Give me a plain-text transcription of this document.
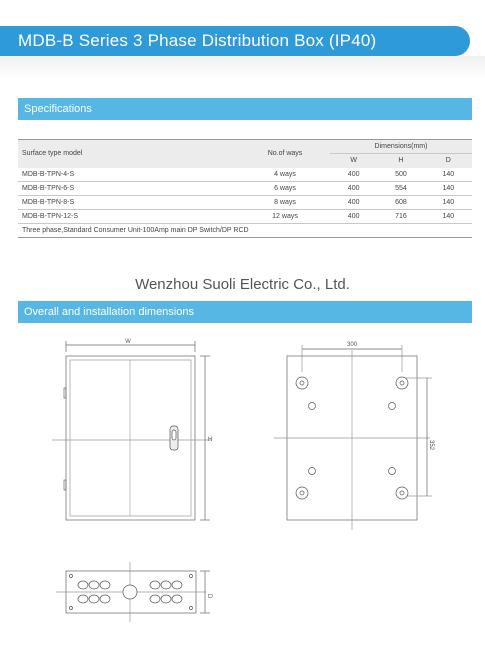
MDB-B Series 3 Phase Distribution Box (IP40)
Specifications
Surface type model	No.of ways	Dimensions(mm)		
		W	H	D
MDB-B-TPN-4-S	4 ways	400	500	140
MDB-B-TPN-6-S	6 ways	400	554	140
MDB-B-TPN-8-S	8 ways	400	608	140
MDB-B-TPN-12-S	12 ways	400	716	140
Three phase,Standard Consumer Unit-100Amp main DP Switch/DP RCD				
Wenzhou Suoli Electric Co., Ltd.
Overall and installation dimensions
W
H
300
352
D
